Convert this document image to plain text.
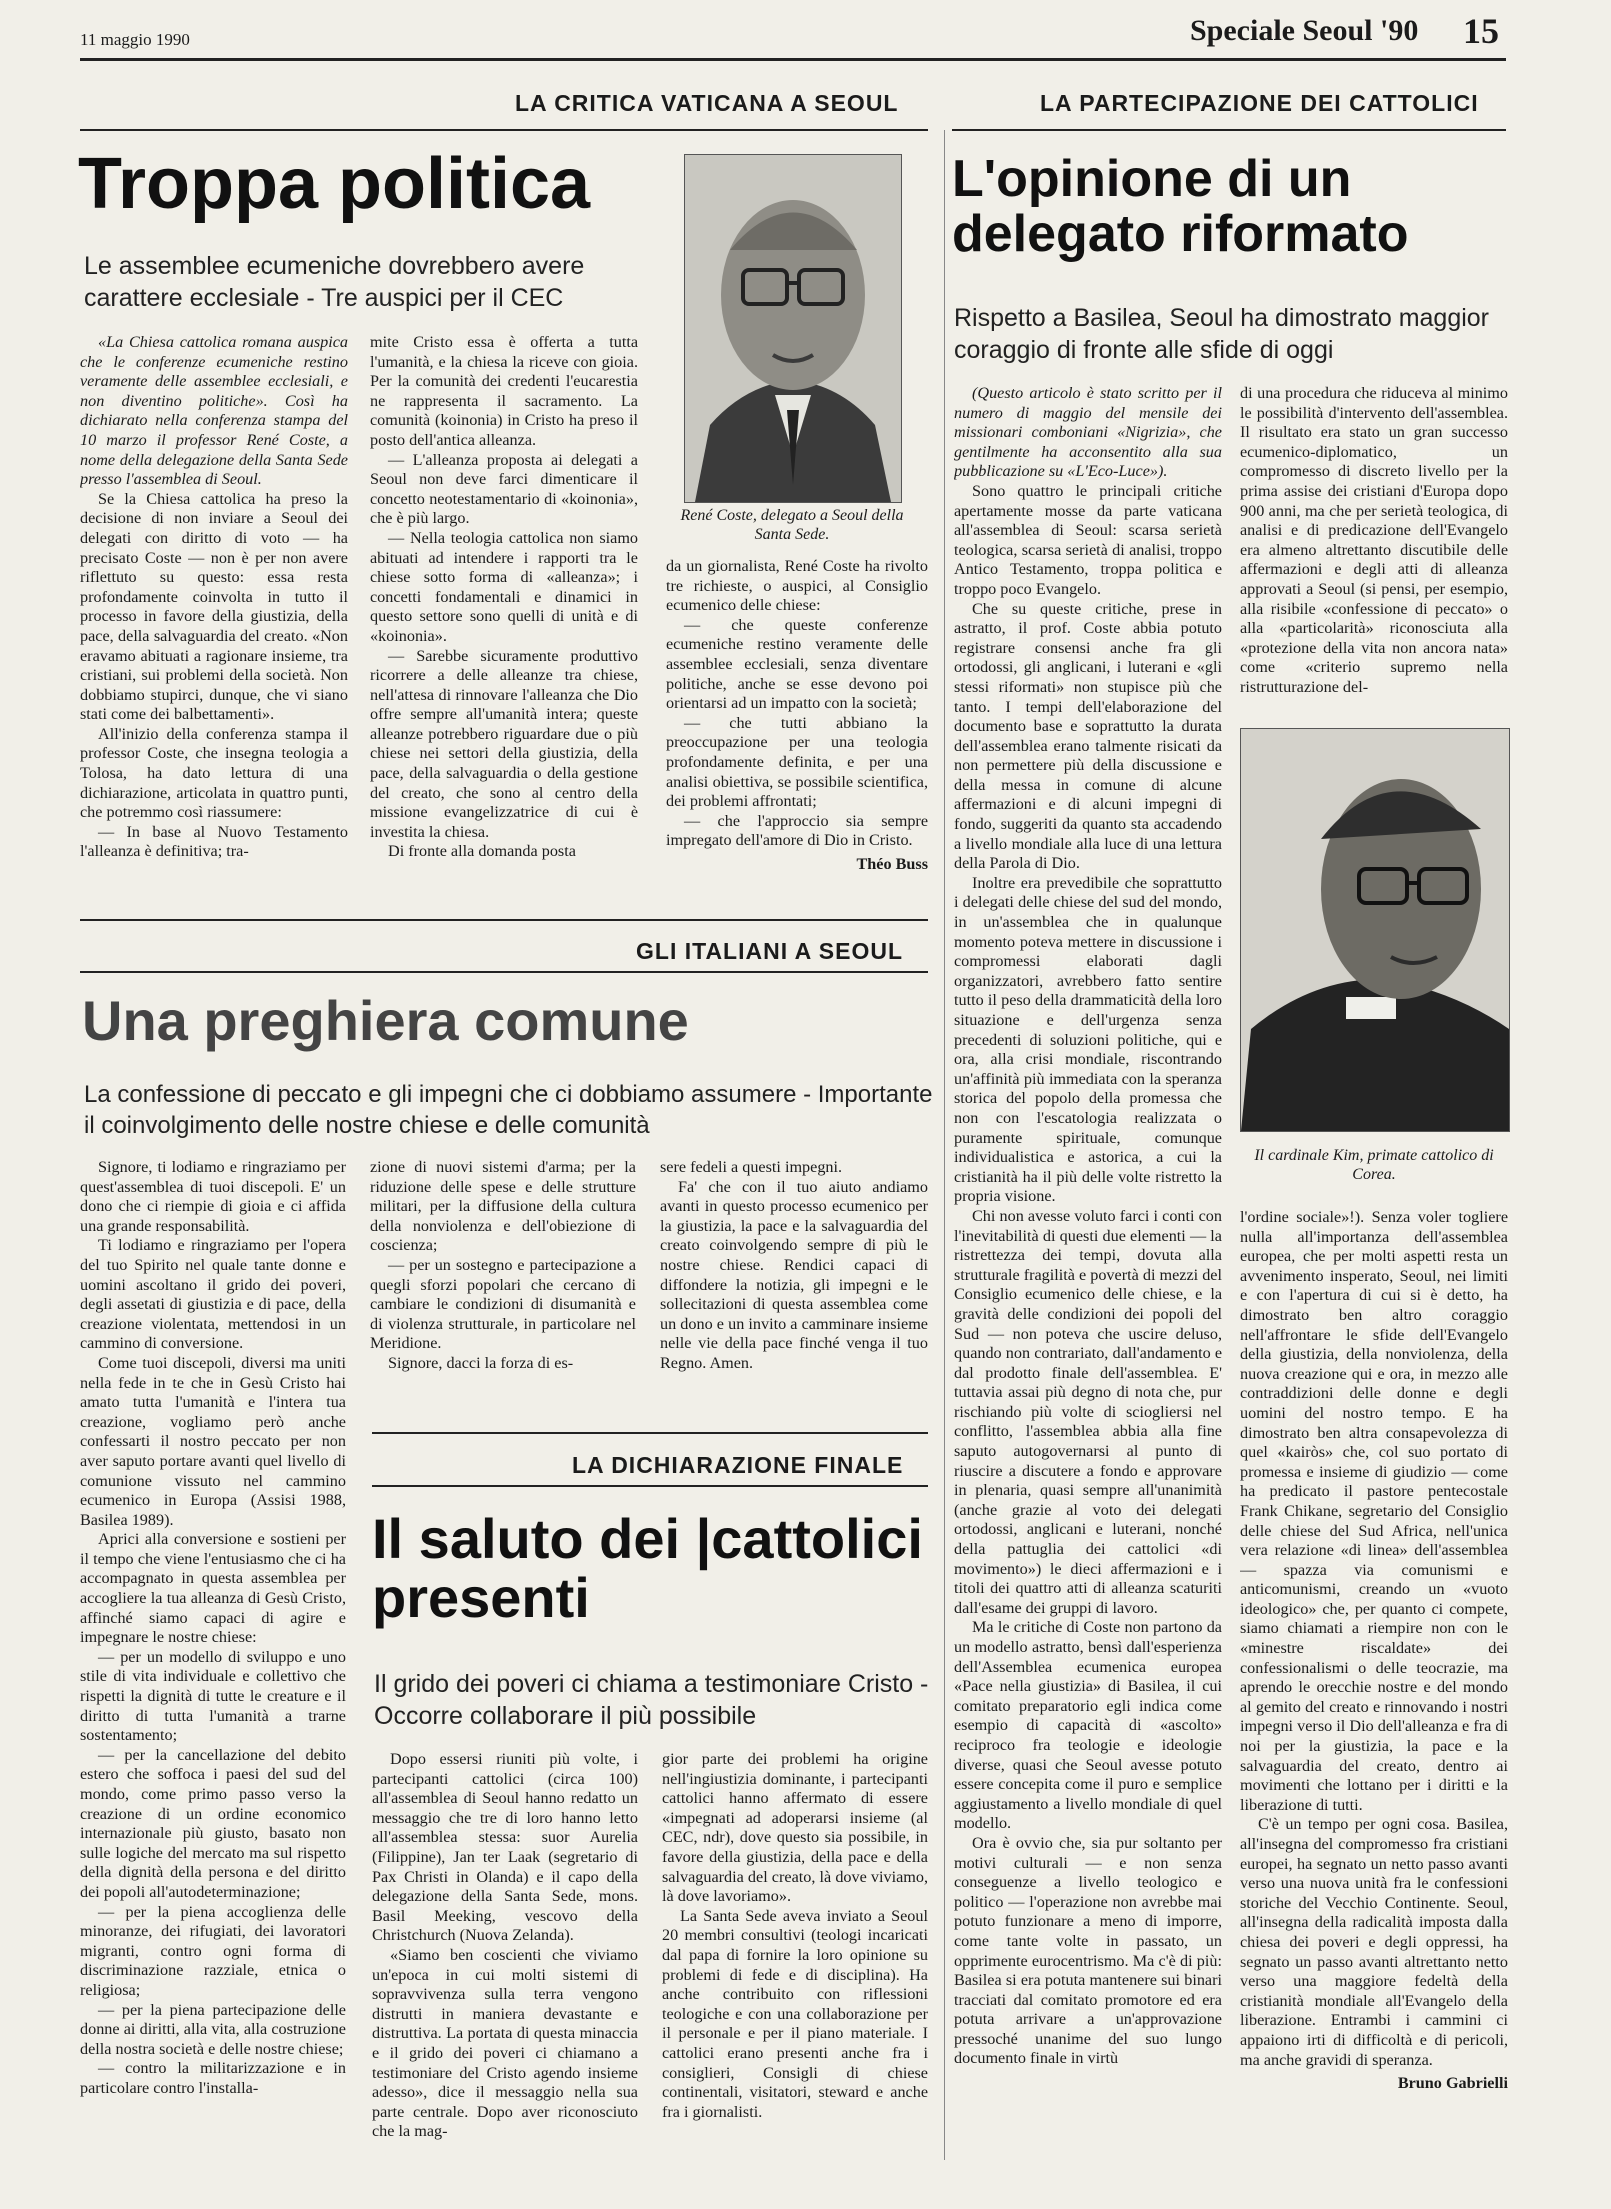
11 maggio 1990	Speciale Seoul '90 15
LA CRITICA VATICANA A SEOUL
Troppa politica
Le assemblee ecumeniche dovrebbero avere carattere ecclesiale - Tre auspici per il CEC

«La Chiesa cattolica romana auspica che le conferenze ecumeniche restino veramente delle assemblee ecclesiali, e non diventino politiche». Così ha dichiarato nella conferenza stampa del 10 marzo il professor René Coste, a nome della delegazione della Santa Sede presso l'assemblea di Seoul.

Se la Chiesa cattolica ha preso la decisione di non inviare a Seoul dei delegati con diritto di voto — ha precisato Coste — non è per non avere riflettuto su questo: essa resta profondamente coinvolta in tutto il processo in favore della giustizia, della pace, della salvaguardia del creato. «Non eravamo abituati a ragionare insieme, tra cristiani, sui problemi della società. Non dobbiamo stupirci, dunque, che vi siano stati come dei balbettamenti».

All'inizio della conferenza stampa il professor Coste, che insegna teologia a Tolosa, ha dato lettura di una dichiarazione, articolata in quattro punti, che potremmo così riassumere:

— In base al Nuovo Testamento l'alleanza è definitiva; tra-

mite Cristo essa è offerta a tutta l'umanità, e la chiesa la riceve con gioia. Per la comunità dei credenti l'eucarestia ne rappresenta il sacramento. La comunità (koinonia) in Cristo ha preso il posto dell'antica alleanza.

— L'alleanza proposta ai delegati a Seoul non deve farci dimenticare il concetto neotestamentario di «koinonia», che è più largo.

— Nella teologia cattolica non siamo abituati ad intendere i rapporti tra le chiese sotto forma di «alleanza»; i concetti fondamentali e dinamici in questo settore sono quelli di unità e di «koinonia».

— Sarebbe sicuramente produttivo ricorrere a delle alleanze tra chiese, nell'attesa di rinnovare l'alleanza che Dio offre sempre all'umanità intera; queste alleanze potrebbero riguardare due o più chiese nei settori della giustizia, della pace, della salvaguardia o della gestione del creato, che sono al centro della missione evangelizzatrice di cui è investita la chiesa.

Di fronte alla domanda posta

René Coste, delegato a Seoul della Santa Sede.

da un giornalista, René Coste ha rivolto tre richieste, o auspici, al Consiglio ecumenico delle chiese:

— che queste conferenze ecumeniche restino veramente delle assemblee ecclesiali, senza diventare politiche, anche se esse devono poi orientarsi ad un impatto con la società;

— che tutti abbiano la preoccupazione per una teologia profondamente definita, e per una analisi obiettiva, se possibile scientifica, dei problemi affrontati;

— che l'approccio sia sempre impregato dell'amore di Dio in Cristo.

Théo Buss

GLI ITALIANI A SEOUL
Una preghiera comune
La confessione di peccato e gli impegni che ci dobbiamo assumere - Importante il coinvolgimento delle nostre chiese e delle comunità

Signore, ti lodiamo e ringraziamo per quest'assemblea di tuoi discepoli. E' un dono che ci riempie di gioia e ci affida una grande responsabilità.

Ti lodiamo e ringraziamo per l'opera del tuo Spirito nel quale tante donne e uomini ascoltano il grido dei poveri, degli assetati di giustizia e di pace, della creazione violentata, mettendosi in un cammino di conversione.

Come tuoi discepoli, diversi ma uniti nella fede in te che in Gesù Cristo hai amato tutta l'umanità e l'intera tua creazione, vogliamo però anche confessarti il nostro peccato per non aver saputo portare avanti quel livello di comunione vissuto nel cammino ecumenico in Europa (Assisi 1988, Basilea 1989).

Aprici alla conversione e sostieni per il tempo che viene l'entusiasmo che ci ha accompagnato in questa assemblea per accogliere la tua alleanza di Gesù Cristo, affinché siamo capaci di agire e impegnare le nostre chiese:

— per un modello di sviluppo e uno stile di vita individuale e collettivo che rispetti la dignità di tutte le creature e il diritto di tutta l'umanità a trarne sostentamento;

— per la cancellazione del debito estero che soffoca i paesi del sud del mondo, come primo passo verso la creazione di un ordine economico internazionale più giusto, basato non sulle logiche del mercato ma sul rispetto della dignità della persona e del diritto dei popoli all'autodeterminazione;

— per la piena accoglienza delle minoranze, dei rifugiati, dei lavoratori migranti, contro ogni forma di discriminazione razziale, etnica o religiosa;

— per la piena partecipazione delle donne ai diritti, alla vita, alla costruzione della nostra società e delle nostre chiese;

— contro la militarizzazione e in particolare contro l'installa-

zione di nuovi sistemi d'arma; per la riduzione delle spese e delle strutture militari, per la diffusione della cultura della nonviolenza e dell'obiezione di coscienza;

— per un sostegno e partecipazione a quegli sforzi popolari che cercano di cambiare le condizioni di disumanità e di violenza strutturale, in particolare nel Meridione.

Signore, dacci la forza di es-

sere fedeli a questi impegni.

Fa' che con il tuo aiuto andiamo avanti in questo processo ecumenico per la giustizia, la pace e la salvaguardia del creato coinvolgendo sempre di più le nostre chiese. Rendici capaci di diffondere la notizia, gli impegni e le sollecitazioni di questa assemblea come un dono e un invito a camminare insieme nelle vie della pace finché venga il tuo Regno. Amen.

LA DICHIARAZIONE FINALE
Il saluto dei |cattolici presenti
Il grido dei poveri ci chiama a testimoniare Cristo - Occorre collaborare il più possibile

Dopo essersi riuniti più volte, i partecipanti cattolici (circa 100) all'assemblea di Seoul hanno redatto un messaggio che tre di loro hanno letto all'assemblea stessa: suor Aurelia (Filippine), Jan ter Laak (segretario di Pax Christi in Olanda) e il capo della delegazione della Santa Sede, mons. Basil Meeking, vescovo della Christchurch (Nuova Zelanda).

«Siamo ben coscienti che viviamo un'epoca in cui molti sistemi di sopravvivenza sulla terra vengono distrutti in maniera devastante e distruttiva. La portata di questa minaccia e il grido dei poveri ci chiamano a testimoniare del Cristo agendo insieme adesso», dice il messaggio nella sua parte centrale. Dopo aver riconosciuto che la mag-

gior parte dei problemi ha origine nell'ingiustizia dominante, i partecipanti cattolici hanno affermato di essere «impegnati ad adoperarsi insieme (al CEC, ndr), dove questo sia possibile, in favore della giustizia, della pace e della salvaguardia del creato, là dove viviamo, là dove lavoriamo».

La Santa Sede aveva inviato a Seoul 20 membri consultivi (teologi incaricati dal papa di fornire la loro opinione su problemi di fede e di disciplina). Ha anche contribuito con riflessioni teologiche e con una collaborazione per il personale e per il piano materiale. I cattolici erano presenti anche fra i consiglieri, Consigli di chiese continentali, visitatori, steward e anche fra i giornalisti.

LA PARTECIPAZIONE DEI CATTOLICI
L'opinione di un delegato riformato
Rispetto a Basilea, Seoul ha dimostrato maggior coraggio di fronte alle sfide di oggi

(Questo articolo è stato scritto per il numero di maggio del mensile dei missionari comboniani «Nigrizia», che gentilmente ha acconsentito alla sua pubblicazione su «L'Eco-Luce»).

Sono quattro le principali critiche apertamente mosse da parte vaticana all'assemblea di Seoul: scarsa serietà teologica, scarsa serietà di analisi, troppo Antico Testamento, troppa politica e troppo poco Evangelo.

Che su queste critiche, prese in astratto, il prof. Coste abbia potuto registrare consensi anche fra gli ortodossi, gli anglicani, i luterani e «gli stessi riformati» non stupisce più che tanto. I tempi dell'elaborazione del documento base e soprattutto la durata dell'assemblea erano talmente risicati da non permettere più della discussione e della messa in comune di alcune affermazioni e di alcuni impegni di fondo, suggeriti da quanto sta accadendo a livello mondiale alla luce di una lettura della Parola di Dio.

Inoltre era prevedibile che soprattutto i delegati delle chiese del sud del mondo, in un'assemblea che in qualunque momento poteva mettere in discussione i compromessi elaborati dagli organizzatori, avrebbero fatto sentire tutto il peso della drammaticità della loro situazione e dell'urgenza senza precedenti di soluzioni politiche, qui e ora, alla crisi mondiale, riscontrando un'affinità più immediata con la speranza storica del popolo della promessa che non con l'escatologia realizzata o puramente spirituale, comunque individualistica e astorica, a cui la cristianità ha il più delle volte ristretto la propria visione.

Chi non avesse voluto farci i conti con l'inevitabilità di questi due elementi — la ristrettezza dei tempi, dovuta alla strutturale fragilità e povertà di mezzi del Consiglio ecumenico delle chiese, e la gravità delle condizioni dei popoli del Sud — non poteva che uscire deluso, quando non contrariato, dall'andamento e dal prodotto finale dell'assemblea. E' tuttavia assai più degno di nota che, pur rischiando più volte di sciogliersi nel conflitto, l'assemblea abbia alla fine saputo autogovernarsi al punto di riuscire a discutere a fondo e approvare in plenaria, quasi sempre all'unanimità (anche grazie al voto dei delegati ortodossi, anglicani e luterani, nonché della pattuglia dei cattolici «di movimento») le dieci affermazioni e i titoli dei quattro atti di alleanza scaturiti dall'esame dei gruppi di lavoro.

Ma le critiche di Coste non partono da un modello astratto, bensì dall'esperienza dell'Assemblea ecumenica europea «Pace nella giustizia» di Basilea, il cui comitato preparatorio egli indica come esempio di capacità di «ascolto» reciproco fra teologie e ideologie diverse, quasi che Seoul avesse potuto essere concepita come il puro e semplice aggiustamento a livello mondiale di quel modello.

Ora è ovvio che, sia pur soltanto per motivi culturali — e non senza conseguenze a livello teologico e politico — l'operazione non avrebbe mai potuto funzionare a meno di imporre, come tante volte in passato, un opprimente eurocentrismo. Ma c'è di più: Basilea si era potuta mantenere sui binari tracciati dal comitato promotore ed era potuta arrivare a un'approvazione pressoché unanime del suo lungo documento finale in virtù

di una procedura che riduceva al minimo le possibilità d'intervento dell'assemblea. Il risultato era stato un gran successo ecumenico-diplomatico, un compromesso di discreto livello per la prima assise dei cristiani d'Europa dopo 900 anni, ma che per serietà teologica, di analisi e di predicazione dell'Evangelo era almeno altrettanto discutibile delle affermazioni e degli atti di alleanza approvati a Seoul (si pensi, per esempio, alla risibile «confessione di peccato» o alla «particolarità» riconosciuta alla «protezione della vita non ancora nata» come «criterio supremo nella ristrutturazione del-

Il cardinale Kim, primate cattolico di Corea.

l'ordine sociale»!). Senza voler togliere nulla all'importanza dell'assemblea europea, che per molti aspetti resta un avvenimento insperato, Seoul, nei limiti e con l'apertura di cui si è detto, ha dimostrato ben altro coraggio nell'affrontare le sfide dell'Evangelo della giustizia, della nonviolenza, della nuova creazione qui e ora, in mezzo alle contraddizioni delle donne e degli uomini del nostro tempo. E ha dimostrato ben altra consapevolezza di quel «kairòs» che, col suo portato di promessa e insieme di giudizio — come ha predicato il pastore pentecostale Frank Chikane, segretario del Consiglio delle chiese del Sud Africa, nell'unica vera relazione «di linea» dell'assemblea — spazza via comunismi e anticomunismi, creando un «vuoto ideologico» che, per quanto ci compete, siamo chiamati a riempire non con le «minestre riscaldate» dei confessionalismi o delle teocrazie, ma aprendo le orecchie nostre e del mondo al gemito del creato e rinnovando i nostri impegni verso il Dio dell'alleanza e fra di noi per la giustizia, la pace e la salvaguardia del creato, dentro ai movimenti che lottano per i diritti e la liberazione di tutti.

C'è un tempo per ogni cosa. Basilea, all'insegna del compromesso fra cristiani europei, ha segnato un netto passo avanti verso una nuova unità fra le confessioni storiche del Vecchio Continente. Seoul, all'insegna della radicalità imposta dalla chiesa dei poveri e degli oppressi, ha segnato un passo avanti altrettanto netto verso una maggiore fedeltà della cristianità mondiale all'Evangelo della liberazione. Entrambi i cammini ci appaiono irti di difficoltà e di pericoli, ma anche gravidi di speranza.

Bruno Gabrielli
